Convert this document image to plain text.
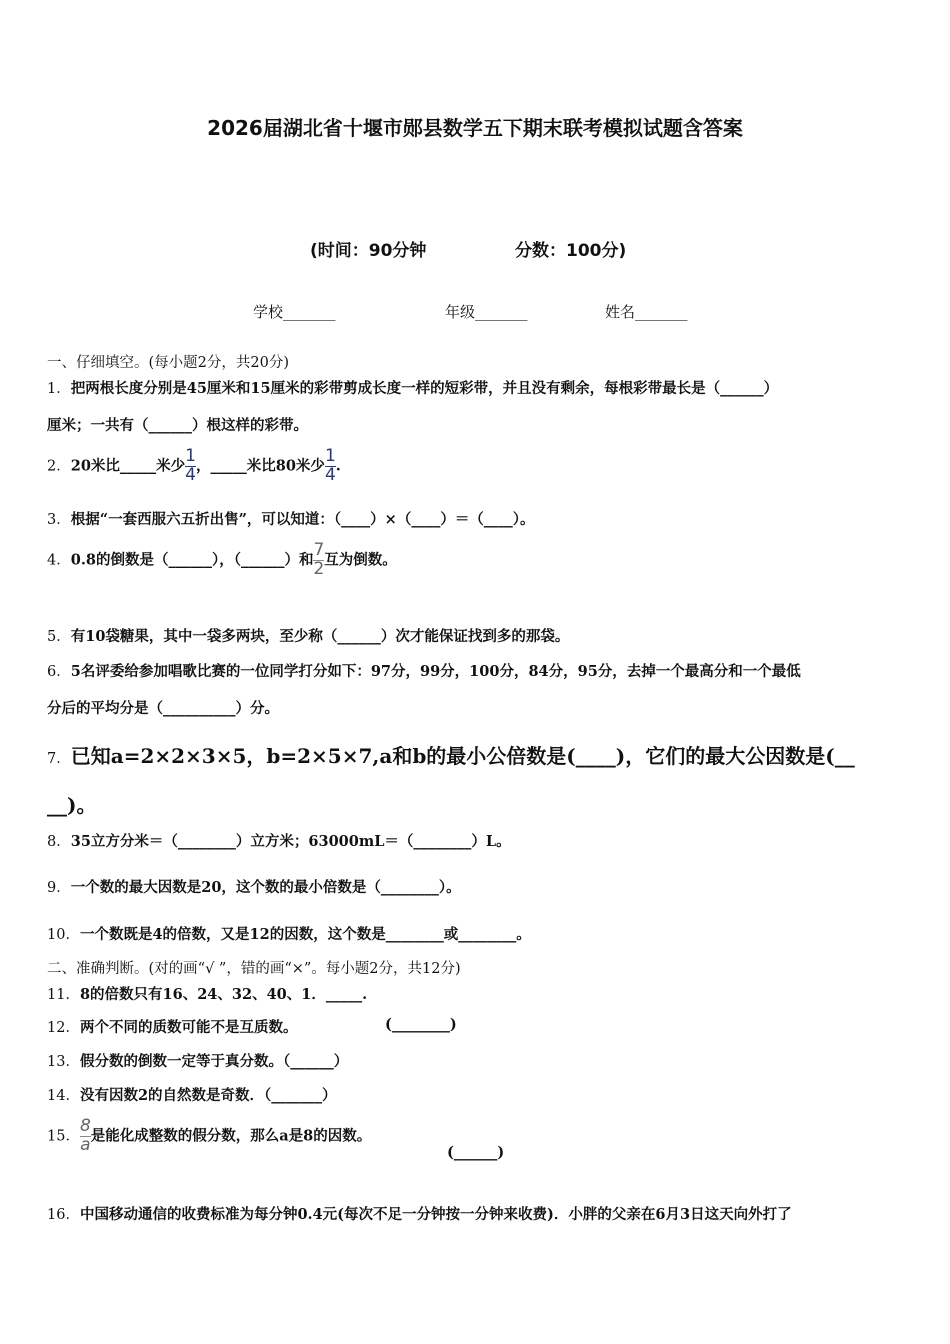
2026届湖北省十堰市郧县数学五下期末联考模拟试题含答案
(时间：90分钟	分数：100分)
学校_______	年级_______	姓名_______
一、仔细填空。(每小题2分，共20分)
1．把两根长度分别是45厘米和15厘米的彩带剪成长度一样的短彩带，并且没有剩余，每根彩带最长是（______）
厘米；一共有（______）根这样的彩带。
2．20米比_____米少 $\frac{1}{4}$ ，_____米比80米少 $\frac{1}{4}$ .
3．根据“一套西服六五折出售”，可以知道：（____）×（____）＝（____）。
4．0.8的倒数是（______），（______）和 $\frac{7}{2}$ 互为倒数。
5．有10袋糖果，其中一袋多两块，至少称（______）次才能保证找到多的那袋。
6．5名评委给参加唱歌比赛的一位同学打分如下：97分，99分，100分，84分，95分，去掉一个最高分和一个最低
分后的平均分是（__________）分。
7．已知a=2×2×3×5，b=2×5×7,a和b的最小公倍数是(____)，它们的最大公因数是(__
__)。
8．35立方分米＝（________）立方米；63000mL＝（________）L。
9．一个数的最大因数是20，这个数的最小倍数是（________）。
10．一个数既是4的倍数，又是12的因数，这个数是________或________。
二、准确判断。(对的画“√ ”，错的画“×”。每小题2分，共12分)
11．8的倍数只有16、24、32、40、1．_____.
12．两个不同的质数可能不是互质数。	(________)
13．假分数的倒数一定等于真分数。（______）
14．没有因数2的自然数是奇数．（_______）
15． $\frac{8}{a}$ 是能化成整数的假分数，那么a是8的因数。
(______)
16．中国移动通信的收费标准为每分钟0.4元(每次不足一分钟按一分钟来收费)．小胖的父亲在6月3日这天向外打了
